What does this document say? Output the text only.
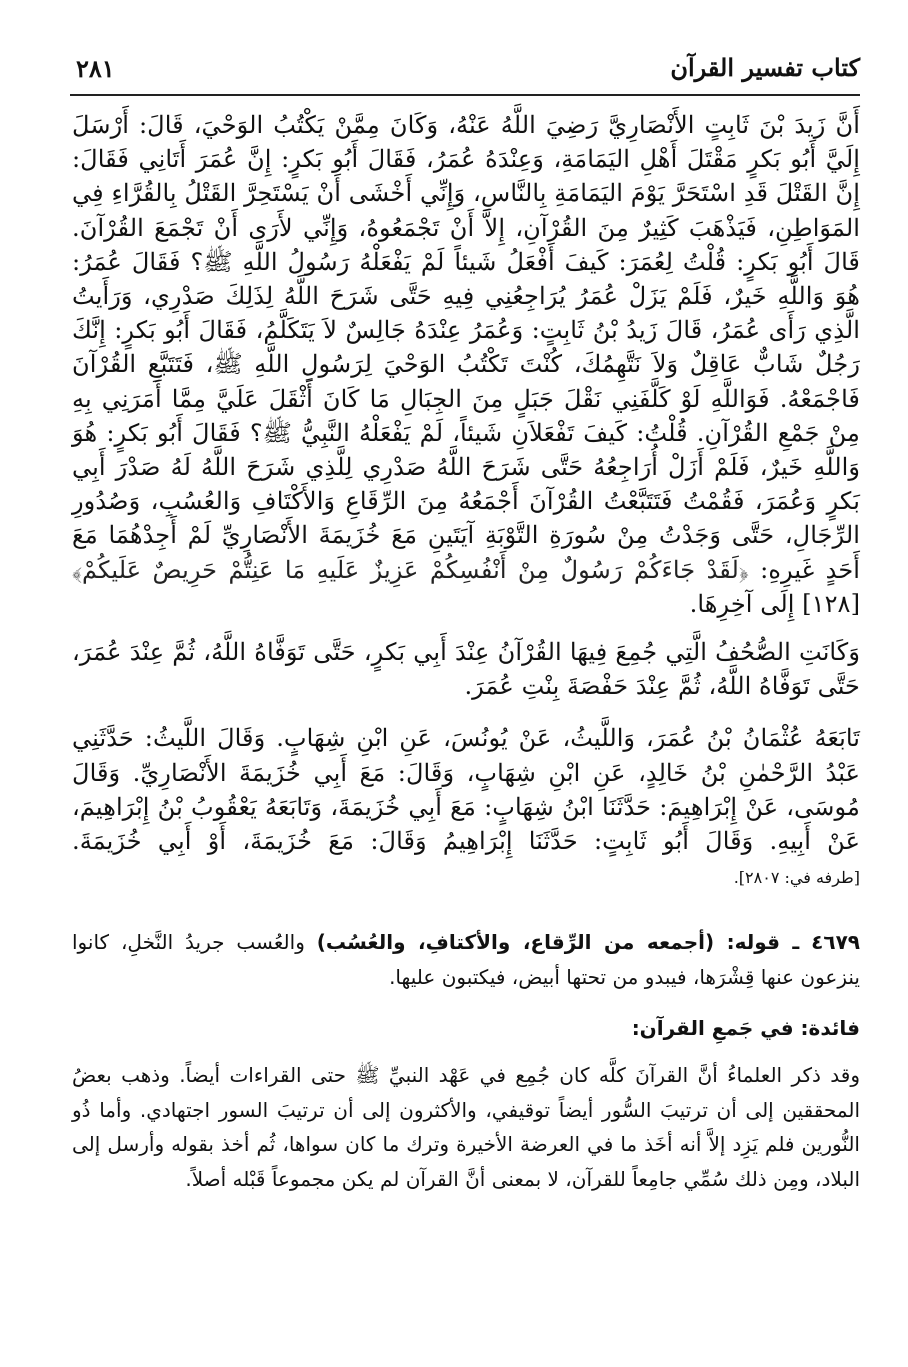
كتاب تفسير القرآن
٢٨١

أَنَّ زَيدَ بْنَ ثَابِتٍ الأَنْصَارِيَّ رَضِيَ اللَّهُ عَنْهُ، وَكَانَ مِمَّنْ يَكْتُبُ الوَحْيَ، قَالَ: أَرْسَلَ إِلَيَّ أَبُو بَكرٍ مَقْتَلَ أَهْلِ اليَمَامَةِ، وَعِنْدَهُ عُمَرُ، فَقَالَ أَبُو بَكرٍ: إِنَّ عُمَرَ أَتَانِي فَقَالَ: إِنَّ القَتْلَ قَدِ اسْتَحَرَّ يَوْمَ اليَمَامَةِ بِالنَّاسِ، وَإِنِّي أَخْشَى أَنْ يَسْتَحِرَّ القَتْلُ بِالقُرَّاءِ فِي المَوَاطِنِ، فَيَذْهَبَ كَثِيرٌ مِنَ القُرْآنِ، إِلاَّ أَنْ تَجْمَعُوهُ، وَإِنِّي لأَرَى أَنْ تَجْمَعَ القُرْآنَ. قَالَ أَبُو بَكرٍ: قُلْتُ لِعُمَرَ: كَيفَ أَفْعَلُ شَيئاً لَمْ يَفْعَلْهُ رَسُولُ اللَّهِ ﷺ؟ فَقَالَ عُمَرُ: هُوَ وَاللَّهِ خَيرٌ، فَلَمْ يَزَلْ عُمَرُ يُرَاجِعُنِي فِيهِ حَتَّى شَرَحَ اللَّهُ لِذَلِكَ صَدْرِي، وَرَأَيتُ الَّذِي رَأَى عُمَرُ، قَالَ زَيدُ بْنُ ثَابِتٍ: وَعُمَرُ عِنْدَهُ جَالِسٌ لاَ يَتَكَلَّمُ، فَقَالَ أَبُو بَكرٍ: إِنَّكَ رَجُلٌ شَابٌّ عَاقِلٌ وَلاَ نَتَّهِمُكَ، كُنْتَ تَكْتُبُ الوَحْيَ لِرَسُولِ اللَّهِ ﷺ، فَتَتَبَّعِ القُرْآنَ فَاجْمَعْهُ. فَوَاللَّهِ لَوْ كَلَّفَنِي نَقْلَ جَبَلٍ مِنَ الجِبَالِ مَا كَانَ أَثْقَلَ عَلَيَّ مِمَّا أَمَرَنِي بِهِ مِنْ جَمْعِ القُرْآنِ. قُلْتُ: كَيفَ تَفْعَلاَنِ شَيئاً، لَمْ يَفْعَلْهُ النَّبِيُّ ﷺ؟ فَقَالَ أَبُو بَكرٍ: هُوَ وَاللَّهِ خَيرٌ، فَلَمْ أَزَلْ أُرَاجِعُهُ حَتَّى شَرَحَ اللَّهُ صَدْرِي لِلَّذِي شَرَحَ اللَّهُ لَهُ صَدْرَ أَبِي بَكرٍ وَعُمَرَ، فَقُمْتُ فَتَتَبَّعْتُ القُرْآنَ أَجْمَعُهُ مِنَ الرِّقَاعِ وَالأَكْتَافِ وَالعُسُبِ، وَصُدُورِ الرِّجَالِ، حَتَّى وَجَدْتُ مِنْ سُورَةِ التَّوْبَةِ آيَتَينِ مَعَ خُزَيمَةَ الأَنْصَارِيِّ لَمْ أَجِدْهُمَا مَعَ أَحَدٍ غَيرِهِ: ﴿لَقَدْ جَاءَكُمْ رَسُولٌ مِنْ أَنْفُسِكُمْ عَزِيزٌ عَلَيهِ مَا عَنِتُّمْ حَرِيصٌ عَلَيكُمْ﴾ [١٢٨] إِلَى آخِرِهَا.

وَكَانَتِ الصُّحُفُ الَّتِي جُمِعَ فِيهَا القُرْآنُ عِنْدَ أَبِي بَكرٍ، حَتَّى تَوَفَّاهُ اللَّهُ، ثُمَّ عِنْدَ عُمَرَ، حَتَّى تَوَفَّاهُ اللَّهُ، ثُمَّ عِنْدَ حَفْصَةَ بِنْتِ عُمَرَ.

تَابَعَهُ عُثْمَانُ بْنُ عُمَرَ، وَاللَّيثُ، عَنْ يُونُسَ، عَنِ ابْنِ شِهَابٍ. وَقَالَ اللَّيثُ: حَدَّثَنِي عَبْدُ الرَّحْمٰنِ بْنُ خَالِدٍ، عَنِ ابْنِ شِهَابٍ، وَقَالَ: مَعَ أَبِي خُزَيمَةَ الأَنْصَارِيِّ. وَقَالَ مُوسَى، عَنْ إِبْرَاهِيمَ: حَدَّثَنَا ابْنُ شِهَابٍ: مَعَ أَبِي خُزَيمَةَ، وَتَابَعَهُ يَعْقُوبُ بْنُ إِبْرَاهِيمَ، عَنْ أَبِيهِ. وَقَالَ أَبُو ثَابِتٍ: حَدَّثَنَا إِبْرَاهِيمُ وَقَالَ: مَعَ خُزَيمَةَ، أَوْ أَبِي خُزَيمَةَ. [طرفه في: ٢٨٠٧].

٤٦٧٩ ـ قوله: (أجمعه من الرِّقاع، والأكتافِ، والعُسُب) والعُسب جريدُ النَّخلِ، كانوا ينزعون عنها قِشْرَها، فيبدو من تحتها أبيض، فيكتبون عليها.

فائدة: في جَمعِ القرآن:

وقد ذكر العلماءُ أنَّ القرآنَ كلَّه كان جُمِع في عَهْد النبيِّ ﷺ حتى القراءات أيضاً. وذهب بعضُ المحققين إلى أن ترتيبَ السُّور أيضاً توقيفي، والأكثرون إلى أن ترتيبَ السور اجتهادي. وأما ذُو النُّورين فلم يَزِد إلاَّ أنه أخَذ ما في العرضة الأخيرة وترك ما كان سواها، ثُم أخذ بقوله وأرسل إلى البلاد، ومِن ذلك سُمِّي جامِعاً للقرآن، لا بمعنى أنَّ القرآن لم يكن مجموعاً قَبْله أصلاً.
